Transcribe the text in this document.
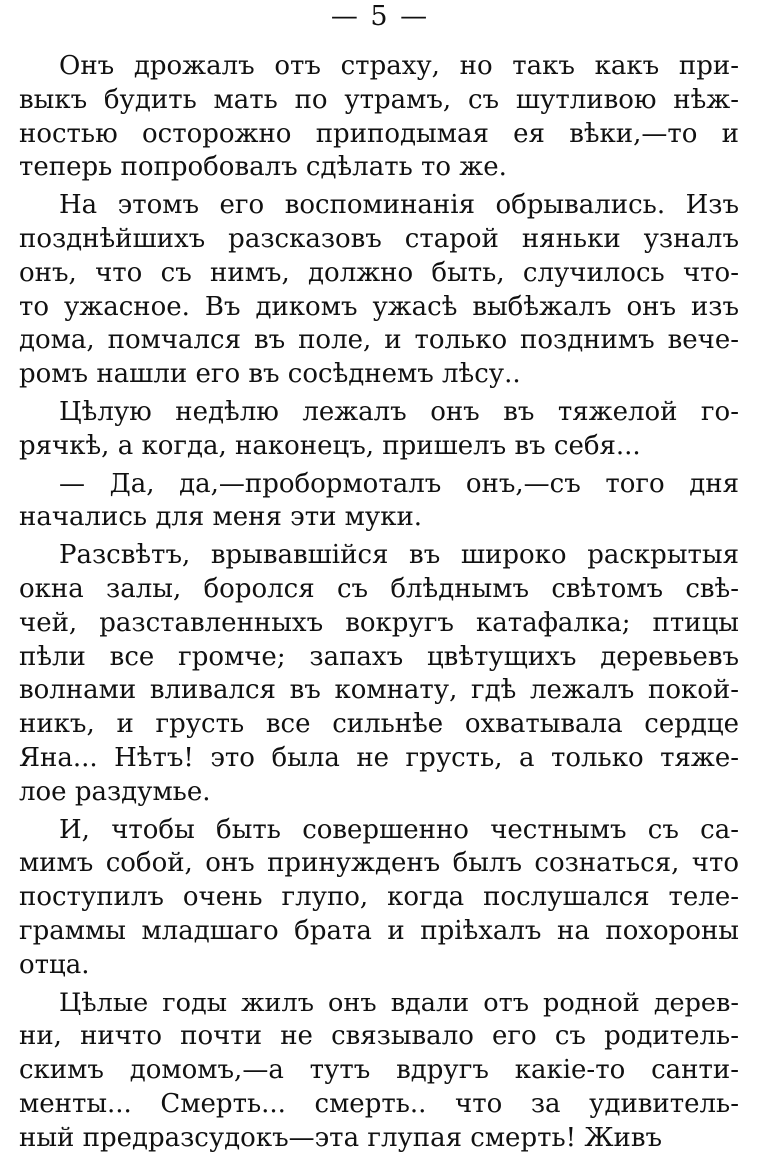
— 5 —
Онъ дрожалъ отъ страху, но такъ какъ при-
выкъ будить мать по утрамъ, съ шутливою нѣж-
ностью осторожно приподымая ея вѣки,—то и
теперь попробовалъ сдѣлать то же.
На этомъ его воспоминанія обрывались. Изъ
позднѣйшихъ разсказовъ старой няньки узналъ
онъ, что съ нимъ, должно быть, случилось что-
то ужасное. Въ дикомъ ужасѣ выбѣжалъ онъ изъ
дома, помчался въ поле, и только позднимъ вече-
ромъ нашли его въ сосѣднемъ лѣсу..
Цѣлую недѣлю лежалъ онъ въ тяжелой го-
рячкѣ, а когда, наконецъ, пришелъ въ себя...
— Да, да,—пробормоталъ онъ,—съ того дня
начались для меня эти муки.
Разсвѣтъ, врывавшійся въ широко раскрытыя
окна залы, боролся съ блѣднымъ свѣтомъ свѣ-
чей, разставленныхъ вокругъ катафалка; птицы
пѣли все громче; запахъ цвѣтущихъ деревьевъ
волнами вливался въ комнату, гдѣ лежалъ покой-
никъ, и грусть все сильнѣе охватывала сердце
Яна... Нѣтъ! это была не грусть, а только тяже-
лое раздумье.
И, чтобы быть совершенно честнымъ съ са-
мимъ собой, онъ принужденъ былъ сознаться, что
поступилъ очень глупо, когда послушался теле-
граммы младшаго брата и пріѣхалъ на похороны
отца.
Цѣлые годы жилъ онъ вдали отъ родной дерев-
ни, ничто почти не связывало его съ родитель-
скимъ домомъ,—а тутъ вдругъ какіе-то санти-
менты... Смерть... смерть.. что за удивитель-
ный предразсудокъ—эта глупая смерть! Живъ
